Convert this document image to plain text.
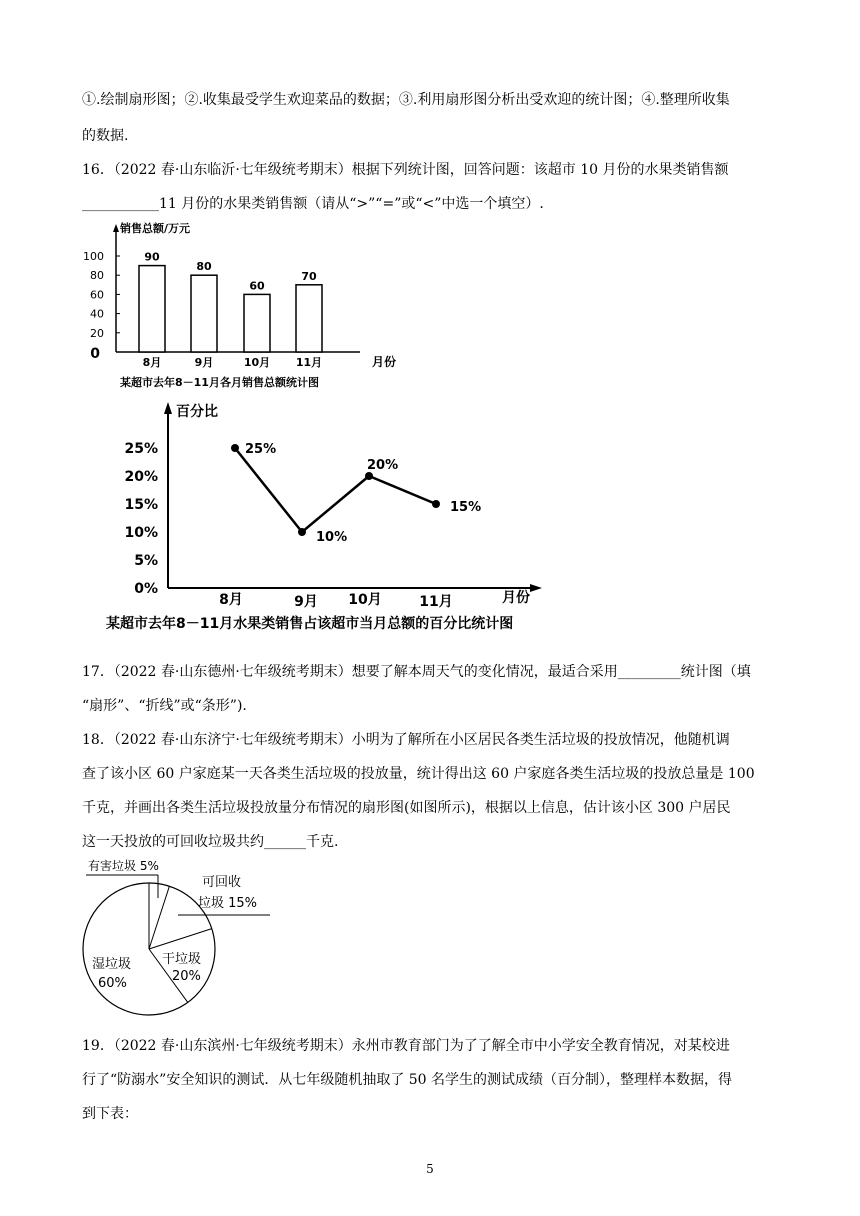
①.绘制扇形图；②.收集最受学生欢迎菜品的数据；③.利用扇形图分析出受欢迎的统计图；④.整理所收集
的数据.
16．（2022 春·山东临沂·七年级统考期末）根据下列统计图，回答问题：该超市 10 月份的水果类销售额
___________11 月份的水果类销售额（请从“>”“=”或“<”中选一个填空）.
销售总额/万元
0
20
40
60
80
100	90
8月
80
9月
60
10月
70
11月	月份
某超市去年8－11月各月销售总额统计图
百分比
0%
5%
10%
15%
20%
25%
8月	9月 10月	11月
25%
10%
20%
15%
月份
某超市去年8－11月水果类销售占该超市当月总额的百分比统计图
17．（2022 春·山东德州·七年级统考期末）想要了解本周天气的变化情况，最适合采用_________统计图（填
“扇形”、“折线”或“条形”).
18．（2022 春·山东济宁·七年级统考期末）小明为了解所在小区居民各类生活垃圾的投放情况，他随机调
查了该小区 60 户家庭某一天各类生活垃圾的投放量，统计得出这 60 户家庭各类生活垃圾的投放总量是 100
千克，并画出各类生活垃圾投放量分布情况的扇形图(如图所示)，根据以上信息，估计该小区 300 户居民
这一天投放的可回收垃圾共约______千克.
有害垃圾 5%
可回收
垃圾 15%
干垃圾
20%
湿垃圾
60%
19．（2022 春·山东滨州·七年级统考期末）永州市教育部门为了了解全市中小学安全教育情况，对某校进
行了“防溺水”安全知识的测试．从七年级随机抽取了 50 名学生的测试成绩（百分制），整理样本数据，得
到下表：
5
